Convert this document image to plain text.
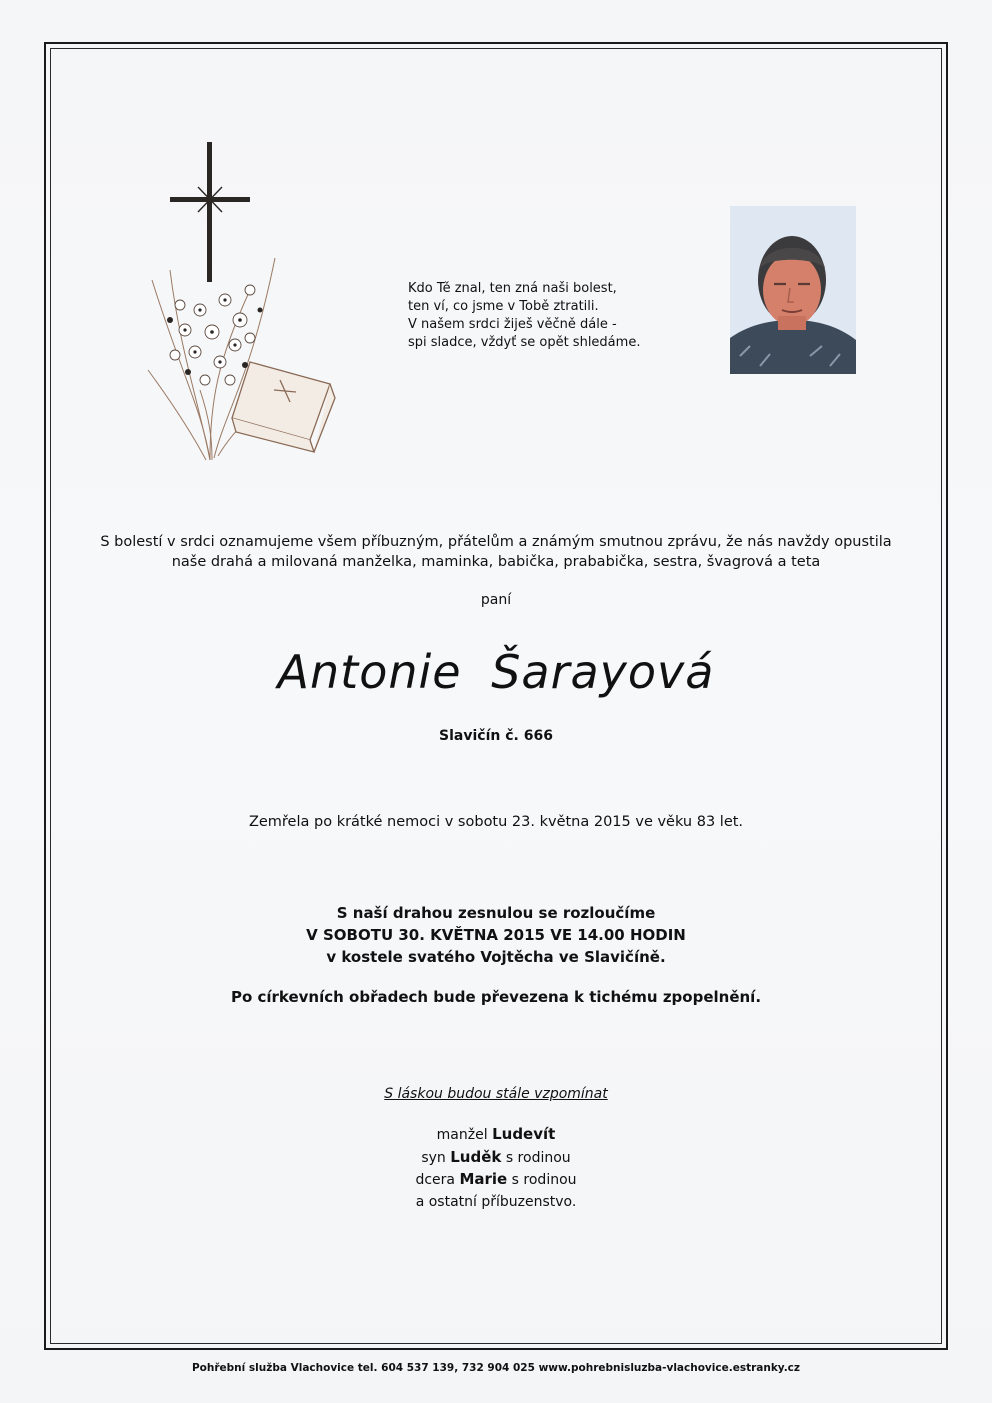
Kdo Tě znal, ten zná naši bolest,
ten ví, co jsme v Tobě ztratili.
V našem srdci žiješ věčně dále -
spi sladce, vždyť se opět shledáme.
S bolestí v srdci oznamujeme všem příbuzným, přátelům a známým smutnou zprávu, že nás navždy opustila
naše drahá a milovaná manželka, maminka, babička, prababička, sestra, švagrová a teta
paní
Antonie Šarayová
Slavičín č. 666
Zemřela po krátké nemoci v sobotu 23. května 2015 ve věku 83 let.
S naší drahou zesnulou se rozloučíme
V SOBOTU 30. KVĚTNA 2015 VE 14.00 HODIN
v kostele svatého Vojtěcha ve Slavičíně.
Po církevních obřadech bude převezena k tichému zpopelnění.
S láskou budou stále vzpomínat
manžel Ludevít
syn Luděk s rodinou
dcera Marie s rodinou
a ostatní příbuzenstvo.
Pohřební služba Vlachovice tel. 604 537 139, 732 904 025 www.pohrebnisluzba-vlachovice.estranky.cz
